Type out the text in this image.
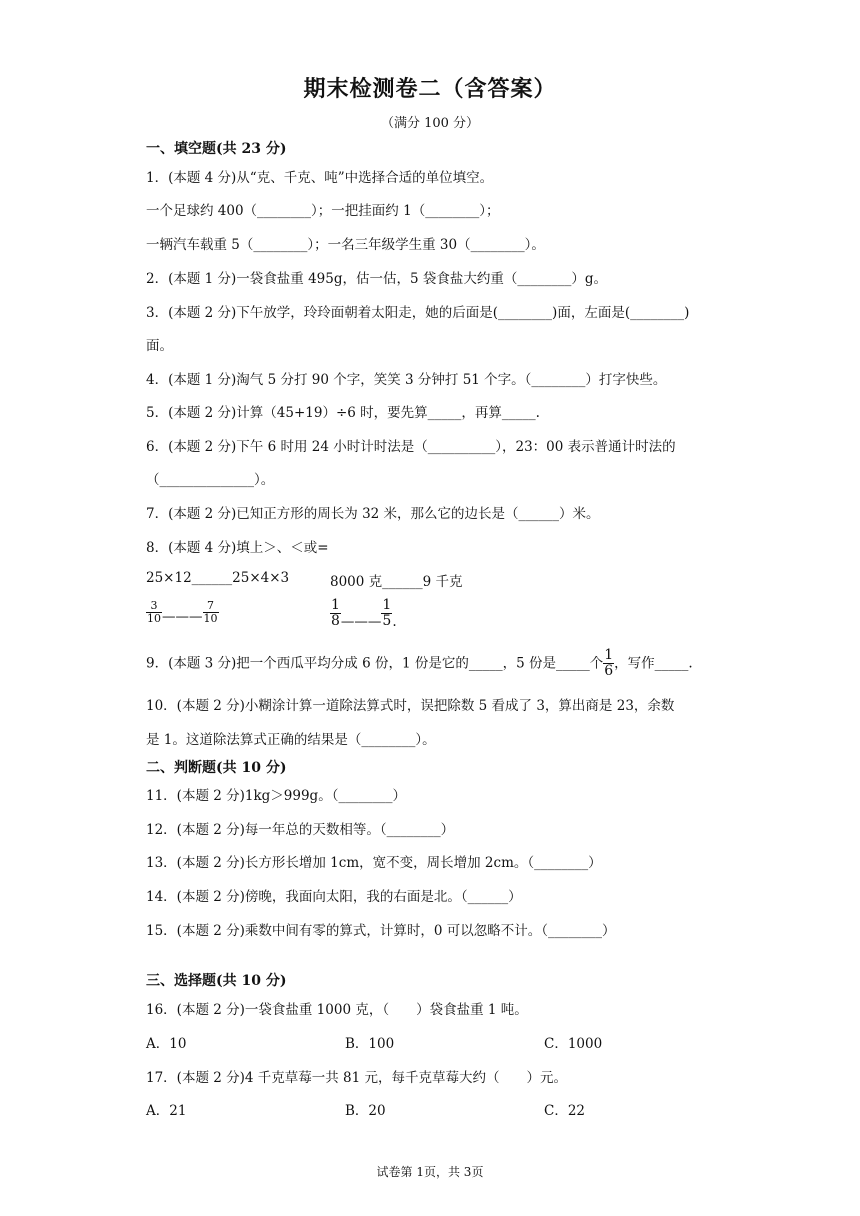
期末检测卷二（含答案）
（满分 100 分）
一、填空题(共 23 分)
1．(本题 4 分)从“克、千克、吨”中选择合适的单位填空。
一个足球约 400（________）；一把挂面约 1（________）；
一辆汽车载重 5（________）；一名三年级学生重 30（________）。
2．(本题 1 分)一袋食盐重 495g，估一估，5 袋食盐大约重（________）g。
3．(本题 2 分)下午放学，玲玲面朝着太阳走，她的后面是(________)面，左面是(________)
面。
4．(本题 1 分)淘气 5 分打 90 个字，笑笑 3 分钟打 51 个字。（________）打字快些。
5．(本题 2 分)计算（45+19）÷6 时，要先算_____，再算_____.
6．(本题 2 分)下午 6 时用 24 小时计时法是（__________），23：00 表示普通计时法的
（______________）。
7．(本题 2 分)已知正方形的周长为 32 米，那么它的边长是（______）米。
8．(本题 4 分)填上＞、＜或=
25×12______25×4×3	8000 克______9 千克
$\frac{3}{10}$ ——— $\frac{7}{10}$	$\frac{1}{8}$ ——— $\frac{1}{5}$ .
9．(本题 3 分)把一个西瓜平均分成 6 份，1 份是它的_____，5 份是_____个 $\frac{1}{6}$ ，写作_____.
10．(本题 2 分)小糊涂计算一道除法算式时，误把除数 5 看成了 3，算出商是 23，余数
是 1。这道除法算式正确的结果是（________）。
二、判断题(共 10 分)
11．(本题 2 分)1kg＞999g。（________）
12．(本题 2 分)每一年总的天数相等。（________）
13．(本题 2 分)长方形长增加 1cm，宽不变，周长增加 2cm。（________）
14．(本题 2 分)傍晚，我面向太阳，我的右面是北。（______）
15．(本题 2 分)乘数中间有零的算式，计算时，0 可以忽略不计。（________）
三、选择题(共 10 分)
16．(本题 2 分)一袋食盐重 1000 克，（　　）袋食盐重 1 吨。
A．10	B．100	C．1000
17．(本题 2 分)4 千克草莓一共 81 元，每千克草莓大约（　　）元。
A．21	B．20	C．22
试卷第 1页，共 3页
